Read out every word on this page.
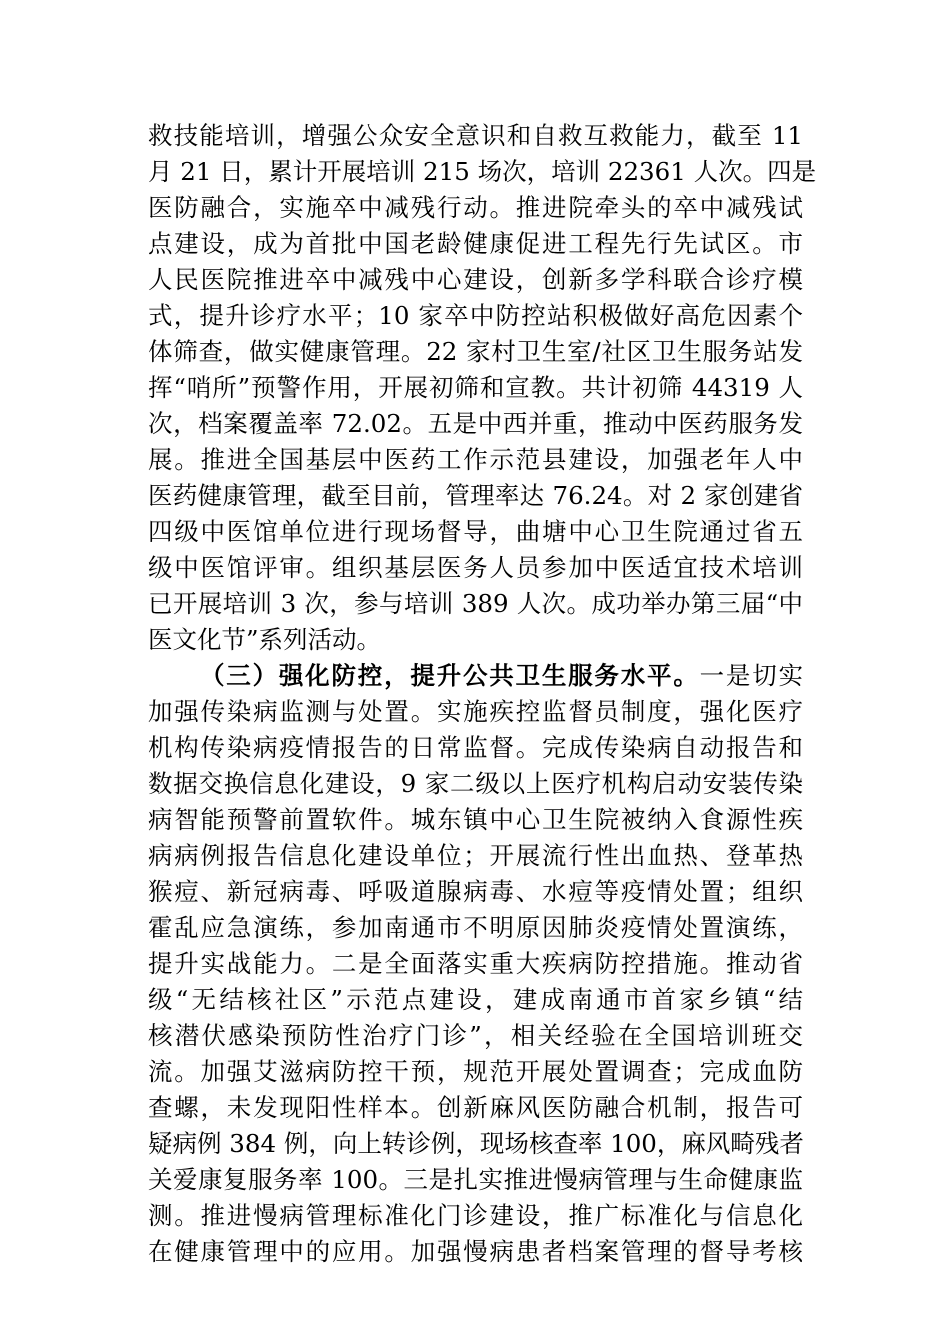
救技能培训，增强公众安全意识和自救互救能力，截至 11
月 21 日，累计开展培训 215 场次，培训 22361 人次。四是
医防融合，实施卒中减残行动。推进院牵头的卒中减残试
点建设，成为首批中国老龄健康促进工程先行先试区。市
人民医院推进卒中减残中心建设，创新多学科联合诊疗模
式，提升诊疗水平；10 家卒中防控站积极做好高危因素个
体筛查，做实健康管理。22 家村卫生室/社区卫生服务站发
挥“哨所”预警作用，开展初筛和宣教。共计初筛 44319 人
次，档案覆盖率 72.02。五是中西并重，推动中医药服务发
展。推进全国基层中医药工作示范县建设，加强老年人中
医药健康管理，截至目前，管理率达 76.24。对 2 家创建省
四级中医馆单位进行现场督导，曲塘中心卫生院通过省五
级中医馆评审。组织基层医务人员参加中医适宜技术培训
已开展培训 3 次，参与培训 389 人次。成功举办第三届“中
医文化节”系列活动。
（三）强化防控，提升公共卫生服务水平。一是切实
加强传染病监测与处置。实施疾控监督员制度，强化医疗
机构传染病疫情报告的日常监督。完成传染病自动报告和
数据交换信息化建设，9 家二级以上医疗机构启动安装传染
病智能预警前置软件。城东镇中心卫生院被纳入食源性疾
病病例报告信息化建设单位；开展流行性出血热、登革热
猴痘、新冠病毒、呼吸道腺病毒、水痘等疫情处置；组织
霍乱应急演练，参加南通市不明原因肺炎疫情处置演练，
提升实战能力。二是全面落实重大疾病防控措施。推动省
级“无结核社区”示范点建设，建成南通市首家乡镇“结
核潜伏感染预防性治疗门诊”，相关经验在全国培训班交
流。加强艾滋病防控干预，规范开展处置调查；完成血防
查螺，未发现阳性样本。创新麻风医防融合机制，报告可
疑病例 384 例，向上转诊例，现场核查率 100，麻风畸残者
关爱康复服务率 100。三是扎实推进慢病管理与生命健康监
测。推进慢病管理标准化门诊建设，推广标准化与信息化
在健康管理中的应用。加强慢病患者档案管理的督导考核
